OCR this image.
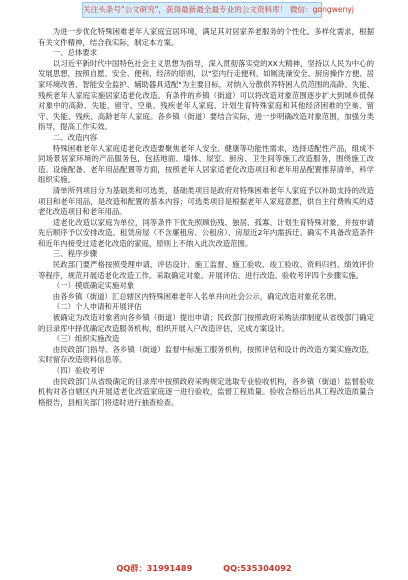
关注头条号"公文研究"，获得最新最全最专业的公文资料库！ 微信：gongwenyj

为进一步优化特殊困难老年人家庭宜居环境，满足其对居家养老服务的个性化、多样化需求，根据有关文件精神，结合我实际，制定本方案。

一、总体要求

以习近平新时代中国特色社会主义思想为指导，深入贯彻落实党的XX大精神，坚持以人民为中心的发展思想，按照自愿、安全、便利、经济的原则，以"室内行走便利、如厕洗澡安全、厨房操作方便、居家环境改善、智能安全监护、辅助器具适配"为主要目标，对纳入分散供养特困人员范围的高龄、失能、残疾老年人家庭实施居家适老化改造。有条件的乡镇（街道）可以将改造对象范围逐步扩大到城乡低保对象中的高龄、失能、留守、空巢、残疾老年人家庭、计划生育特殊家庭和其他经济困难的空巢、留守、失能、残疾、高龄老年人家庭。各乡镇（街道）要结合实际，进一步明确改造对象范围，加强分类指导，提高工作实效。

二、改造内容

特殊困难老年人家庭适老化改造要聚焦老年人安全、健康等功能性需求，选择适配性产品，组成不同场景居家环境的产品服务包，包括地面、墙体、屋室、厨房、卫生间等施工改造服务，围绕施工改造、设施配备、老年用品配置等方面，按照老年人居家适老化改造项目和老年用品配置推荐清单，科学组织实施。

清单所列项目分为基础类和可选类，基础类项目是政府对特殊困难老年人家庭予以补助支持的改造项目和老年用品，是改造和配置的基本内容；可选类项目是根据老年人家庭意愿，供自主付费购买的适老化改造项目和老年用品。

适老化改造以家庭为单位，同等条件下优先照顾伤残、独居、孤寡、计划生育特殊对象，并按申请先后顺序予以安排改造。租赁房屋（不含廉租房、公租房）、房屋近2年内需拆迁、确实不具备改造条件和近年内接受过适老化改造的家庭，原则上不纳入此次改造范围。

三、程序步骤

民政部门要严格按照受理申请、评估设计、施工监督、施工验收、竣工验收、资料归档、绩效评价等程序，规范开展适老化改造工作。采取确定对象、开展评估、进行改造、验收考评四个步骤实施。

（一）摸底确定实施对象

由各乡镇（街道）汇总辖区内特殊困难老年人名单并向社会公示，确定改造对象花名册。

（二）个人申请和开展评估

被确定为改造对象者向各乡镇（街道）提出申请；民政部门按照政府采购法律制度从省级部门确定的目录库中择优确定改造服务机构，组织开展入户改造评估，完成方案设计。

（三）组织实施改造

由民政部门指导、各乡镇（街道）监督中标施工服务机构，按照评估和设计的改造方案实施改造，实时留存改造资料信息等。

（四）验收考评

由民政部门从省级确定的目录库中按照政府采购规定选取专业验收机构，各乡镇（街道）监督验收机构对各自辖区内开展适老化改造家庭逐一进行验收，监督工程质量。验收合格后出具工程改造质量合格报告，县相关部门将适时进行抽查检查。

QQ群：31991489	QQ:535304092
